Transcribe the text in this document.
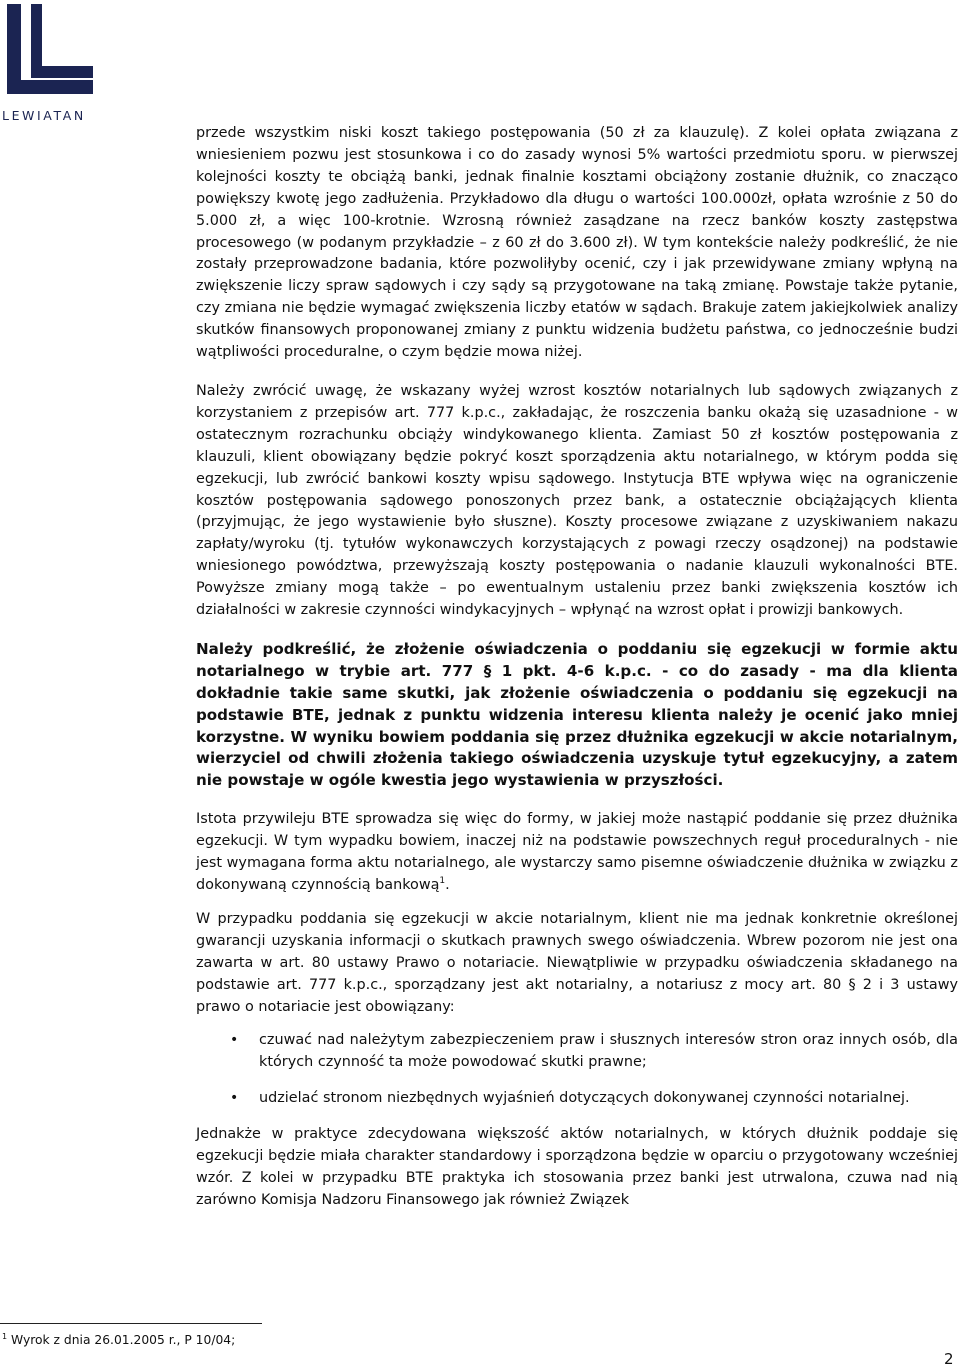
LEWIATAN

przede wszystkim niski koszt takiego postępowania (50 zł za klauzulę). Z kolei opłata związana z wniesieniem pozwu jest stosunkowa i co do zasady wynosi 5% wartości przedmiotu sporu. w pierwszej kolejności koszty te obciążą banki, jednak finalnie kosztami obciążony zostanie dłużnik, co znacząco powiększy kwotę jego zadłużenia. Przykładowo dla długu o wartości 100.000zł, opłata wzrośnie z 50 do 5.000 zł, a więc 100-krotnie. Wzrosną również zasądzane na rzecz banków koszty zastępstwa procesowego (w podanym przykładzie – z 60 zł do 3.600 zł). W tym kontekście należy podkreślić, że nie zostały przeprowadzone badania, które pozwoliłyby ocenić, czy i jak przewidywane zmiany wpłyną na zwiększenie liczy spraw sądowych i czy sądy są przygotowane na taką zmianę. Powstaje także pytanie, czy zmiana nie będzie wymagać zwiększenia liczby etatów w sądach. Brakuje zatem jakiejkolwiek analizy skutków finansowych proponowanej zmiany z punktu widzenia budżetu państwa, co jednocześnie budzi wątpliwości proceduralne, o czym będzie mowa niżej.

Należy zwrócić uwagę, że wskazany wyżej wzrost kosztów notarialnych lub sądowych związanych z korzystaniem z przepisów art. 777 k.p.c., zakładając, że roszczenia banku okażą się uzasadnione - w ostatecznym rozrachunku obciąży windykowanego klienta. Zamiast 50 zł kosztów postępowania z klauzuli, klient obowiązany będzie pokryć koszt sporządzenia aktu notarialnego, w którym podda się egzekucji, lub zwrócić bankowi koszty wpisu sądowego. Instytucja BTE wpływa więc na ograniczenie kosztów postępowania sądowego ponoszonych przez bank, a ostatecznie obciążających klienta (przyjmując, że jego wystawienie było słuszne). Koszty procesowe związane z uzyskiwaniem nakazu zapłaty/wyroku (tj. tytułów wykonawczych korzystających z powagi rzeczy osądzonej) na podstawie wniesionego powództwa, przewyższają koszty postępowania o nadanie klauzuli wykonalności BTE. Powyższe zmiany mogą także – po ewentualnym ustaleniu przez banki zwiększenia kosztów ich działalności w zakresie czynności windykacyjnych – wpłynąć na wzrost opłat i prowizji bankowych.

Należy podkreślić, że złożenie oświadczenia o poddaniu się egzekucji w formie aktu notarialnego w trybie art. 777 § 1 pkt. 4-6 k.p.c. - co do zasady - ma dla klienta dokładnie takie same skutki, jak złożenie oświadczenia o poddaniu się egzekucji na podstawie BTE, jednak z punktu widzenia interesu klienta należy je ocenić jako mniej korzystne. W wyniku bowiem poddania się przez dłużnika egzekucji w akcie notarialnym, wierzyciel od chwili złożenia takiego oświadczenia uzyskuje tytuł egzekucyjny, a zatem nie powstaje w ogóle kwestia jego wystawienia w przyszłości.

Istota przywileju BTE sprowadza się więc do formy, w jakiej może nastąpić poddanie się przez dłużnika egzekucji. W tym wypadku bowiem, inaczej niż na podstawie powszechnych reguł proceduralnych - nie jest wymagana forma aktu notarialnego, ale wystarczy samo pisemne oświadczenie dłużnika w związku z dokonywaną czynnością bankową$^1$.

W przypadku poddania się egzekucji w akcie notarialnym, klient nie ma jednak konkretnie określonej gwarancji uzyskania informacji o skutkach prawnych swego oświadczenia. Wbrew pozorom nie jest ona zawarta w art. 80 ustawy Prawo o notariacie. Niewątpliwie w przypadku oświadczenia składanego na podstawie art. 777 k.p.c., sporządzany jest akt notarialny, a notariusz z mocy art. 80 § 2 i 3 ustawy prawo o notariacie jest obowiązany:

• czuwać nad należytym zabezpieczeniem praw i słusznych interesów stron oraz innych osób, dla których czynność ta może powodować skutki prawne;
• udzielać stronom niezbędnych wyjaśnień dotyczących dokonywanej czynności notarialnej.

Jednakże w praktyce zdecydowana większość aktów notarialnych, w których dłużnik poddaje się egzekucji będzie miała charakter standardowy i sporządzona będzie w oparciu o przygotowany wcześniej wzór. Z kolei w przypadku BTE praktyka ich stosowania przez banki jest utrwalona, czuwa nad nią zarówno Komisja Nadzoru Finansowego jak również Związek

$^1$ Wyrok z dnia 26.01.2005 r., P 10/04;
2
